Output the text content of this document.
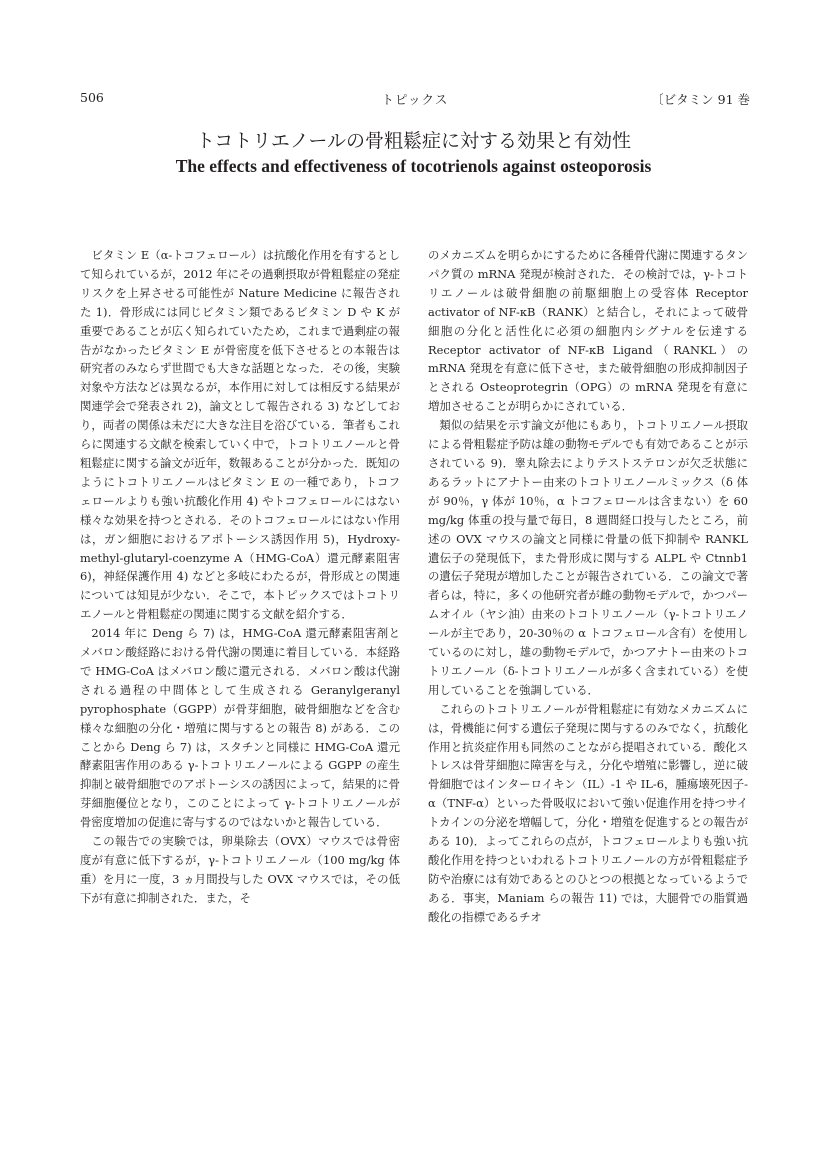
506	トピックス	〔ビタミン 91 巻
トコトリエノールの骨粗鬆症に対する効果と有効性
The effects and effectiveness of tocotrienols against osteoporosis

ビタミン E（α-トコフェロール）は抗酸化作用を有するとして知られているが，2012 年にその過剰摂取が骨粗鬆症の発症リスクを上昇させる可能性が Nature Medicine に報告された 1)．骨形成には同じビタミン類であるビタミン D や K が重要であることが広く知られていたため，これまで過剰症の報告がなかったビタミン E が骨密度を低下させるとの本報告は研究者のみならず世間でも大きな話題となった．その後，実験対象や方法などは異なるが，本作用に対しては相反する結果が関連学会で発表され 2)，論文として報告される 3) などしており，両者の関係は未だに大きな注目を浴びている．筆者もこれらに関連する文献を検索していく中で，トコトリエノールと骨粗鬆症に関する論文が近年，数報あることが分かった．既知のようにトコトリエノールはビタミン E の一種であり，トコフェロールよりも強い抗酸化作用 4) やトコフェロールにはない様々な効果を持つとされる．そのトコフェロールにはない作用は，ガン細胞におけるアポトーシス誘因作用 5)，Hydroxy-methyl-glutaryl-coenzyme A（HMG-CoA）還元酵素阻害 6)，神経保護作用 4) などと多岐にわたるが，骨形成との関連については知見が少ない．そこで，本トピックスではトコトリエノールと骨粗鬆症の関連に関する文献を紹介する．

2014 年に Deng ら 7) は，HMG-CoA 還元酵素阻害剤とメバロン酸経路における骨代謝の関連に着目している．本経路で HMG-CoA はメバロン酸に還元される．メバロン酸は代謝される過程の中間体として生成される Geranylgeranyl pyrophosphate（GGPP）が骨芽細胞，破骨細胞などを含む様々な細胞の分化・増殖に関与するとの報告 8) がある．このことから Deng ら 7) は，スタチンと同様に HMG-CoA 還元酵素阻害作用のある γ-トコトリエノールによる GGPP の産生抑制と破骨細胞でのアポトーシスの誘因によって，結果的に骨芽細胞優位となり，このことによって γ-トコトリエノールが骨密度増加の促進に寄与するのではないかと報告している．

この報告での実験では，卵巣除去（OVX）マウスでは骨密度が有意に低下するが，γ-トコトリエノール（100 mg/kg 体重）を月に一度，3 ヵ月間投与した OVX マウスでは，その低下が有意に抑制された．また，そ

のメカニズムを明らかにするために各種骨代謝に関連するタンパク質の mRNA 発現が検討された．その検討では，γ-トコトリエノールは破骨細胞の前駆細胞上の受容体 Receptor activator of NF-κB（RANK）と結合し，それによって破骨細胞の分化と活性化に必須の細胞内シグナルを伝達する Receptor activator of NF-κB Ligand（RANKL）の mRNA 発現を有意に低下させ，また破骨細胞の形成抑制因子とされる Osteoprotegrin（OPG）の mRNA 発現を有意に増加させることが明らかにされている．

類似の結果を示す論文が他にもあり，トコトリエノール摂取による骨粗鬆症予防は雄の動物モデルでも有効であることが示されている 9)．睾丸除去によりテストステロンが欠乏状態にあるラットにアナトー由来のトコトリエノールミックス（δ 体が 90％，γ 体が 10％，α トコフェロールは含まない）を 60 mg/kg 体重の投与量で毎日，8 週間経口投与したところ，前述の OVX マウスの論文と同様に骨量の低下抑制や RANKL 遺伝子の発現低下，また骨形成に関与する ALPL や Ctnnb1 の遺伝子発現が増加したことが報告されている．この論文で著者らは，特に，多くの他研究者が雌の動物モデルで，かつパームオイル（ヤシ油）由来のトコトリエノール（γ-トコトリエノールが主であり，20-30％の α トコフェロール含有）を使用しているのに対し，雄の動物モデルで，かつアナトー由来のトコトリエノール（δ-トコトリエノールが多く含まれている）を使用していることを強調している．

これらのトコトリエノールが骨粗鬆症に有効なメカニズムには，骨機能に何する遺伝子発現に関与するのみでなく，抗酸化作用と抗炎症作用も同然のことながら提唱されている．酸化ストレスは骨芽細胞に障害を与え，分化や増殖に影響し，逆に破骨細胞ではインターロイキン（IL）-1 や IL-6，腫瘍壊死因子-α（TNF-α）といった骨吸収において強い促進作用を持つサイトカインの分泌を増幅して，分化・増殖を促進するとの報告がある 10)．よってこれらの点が，トコフェロールよりも強い抗酸化作用を持つといわれるトコトリエノールの方が骨粗鬆症予防や治療には有効であるとのひとつの根拠となっているようである．事実，Maniam らの報告 11) では，大腿骨での脂質過酸化の指標であるチオ
